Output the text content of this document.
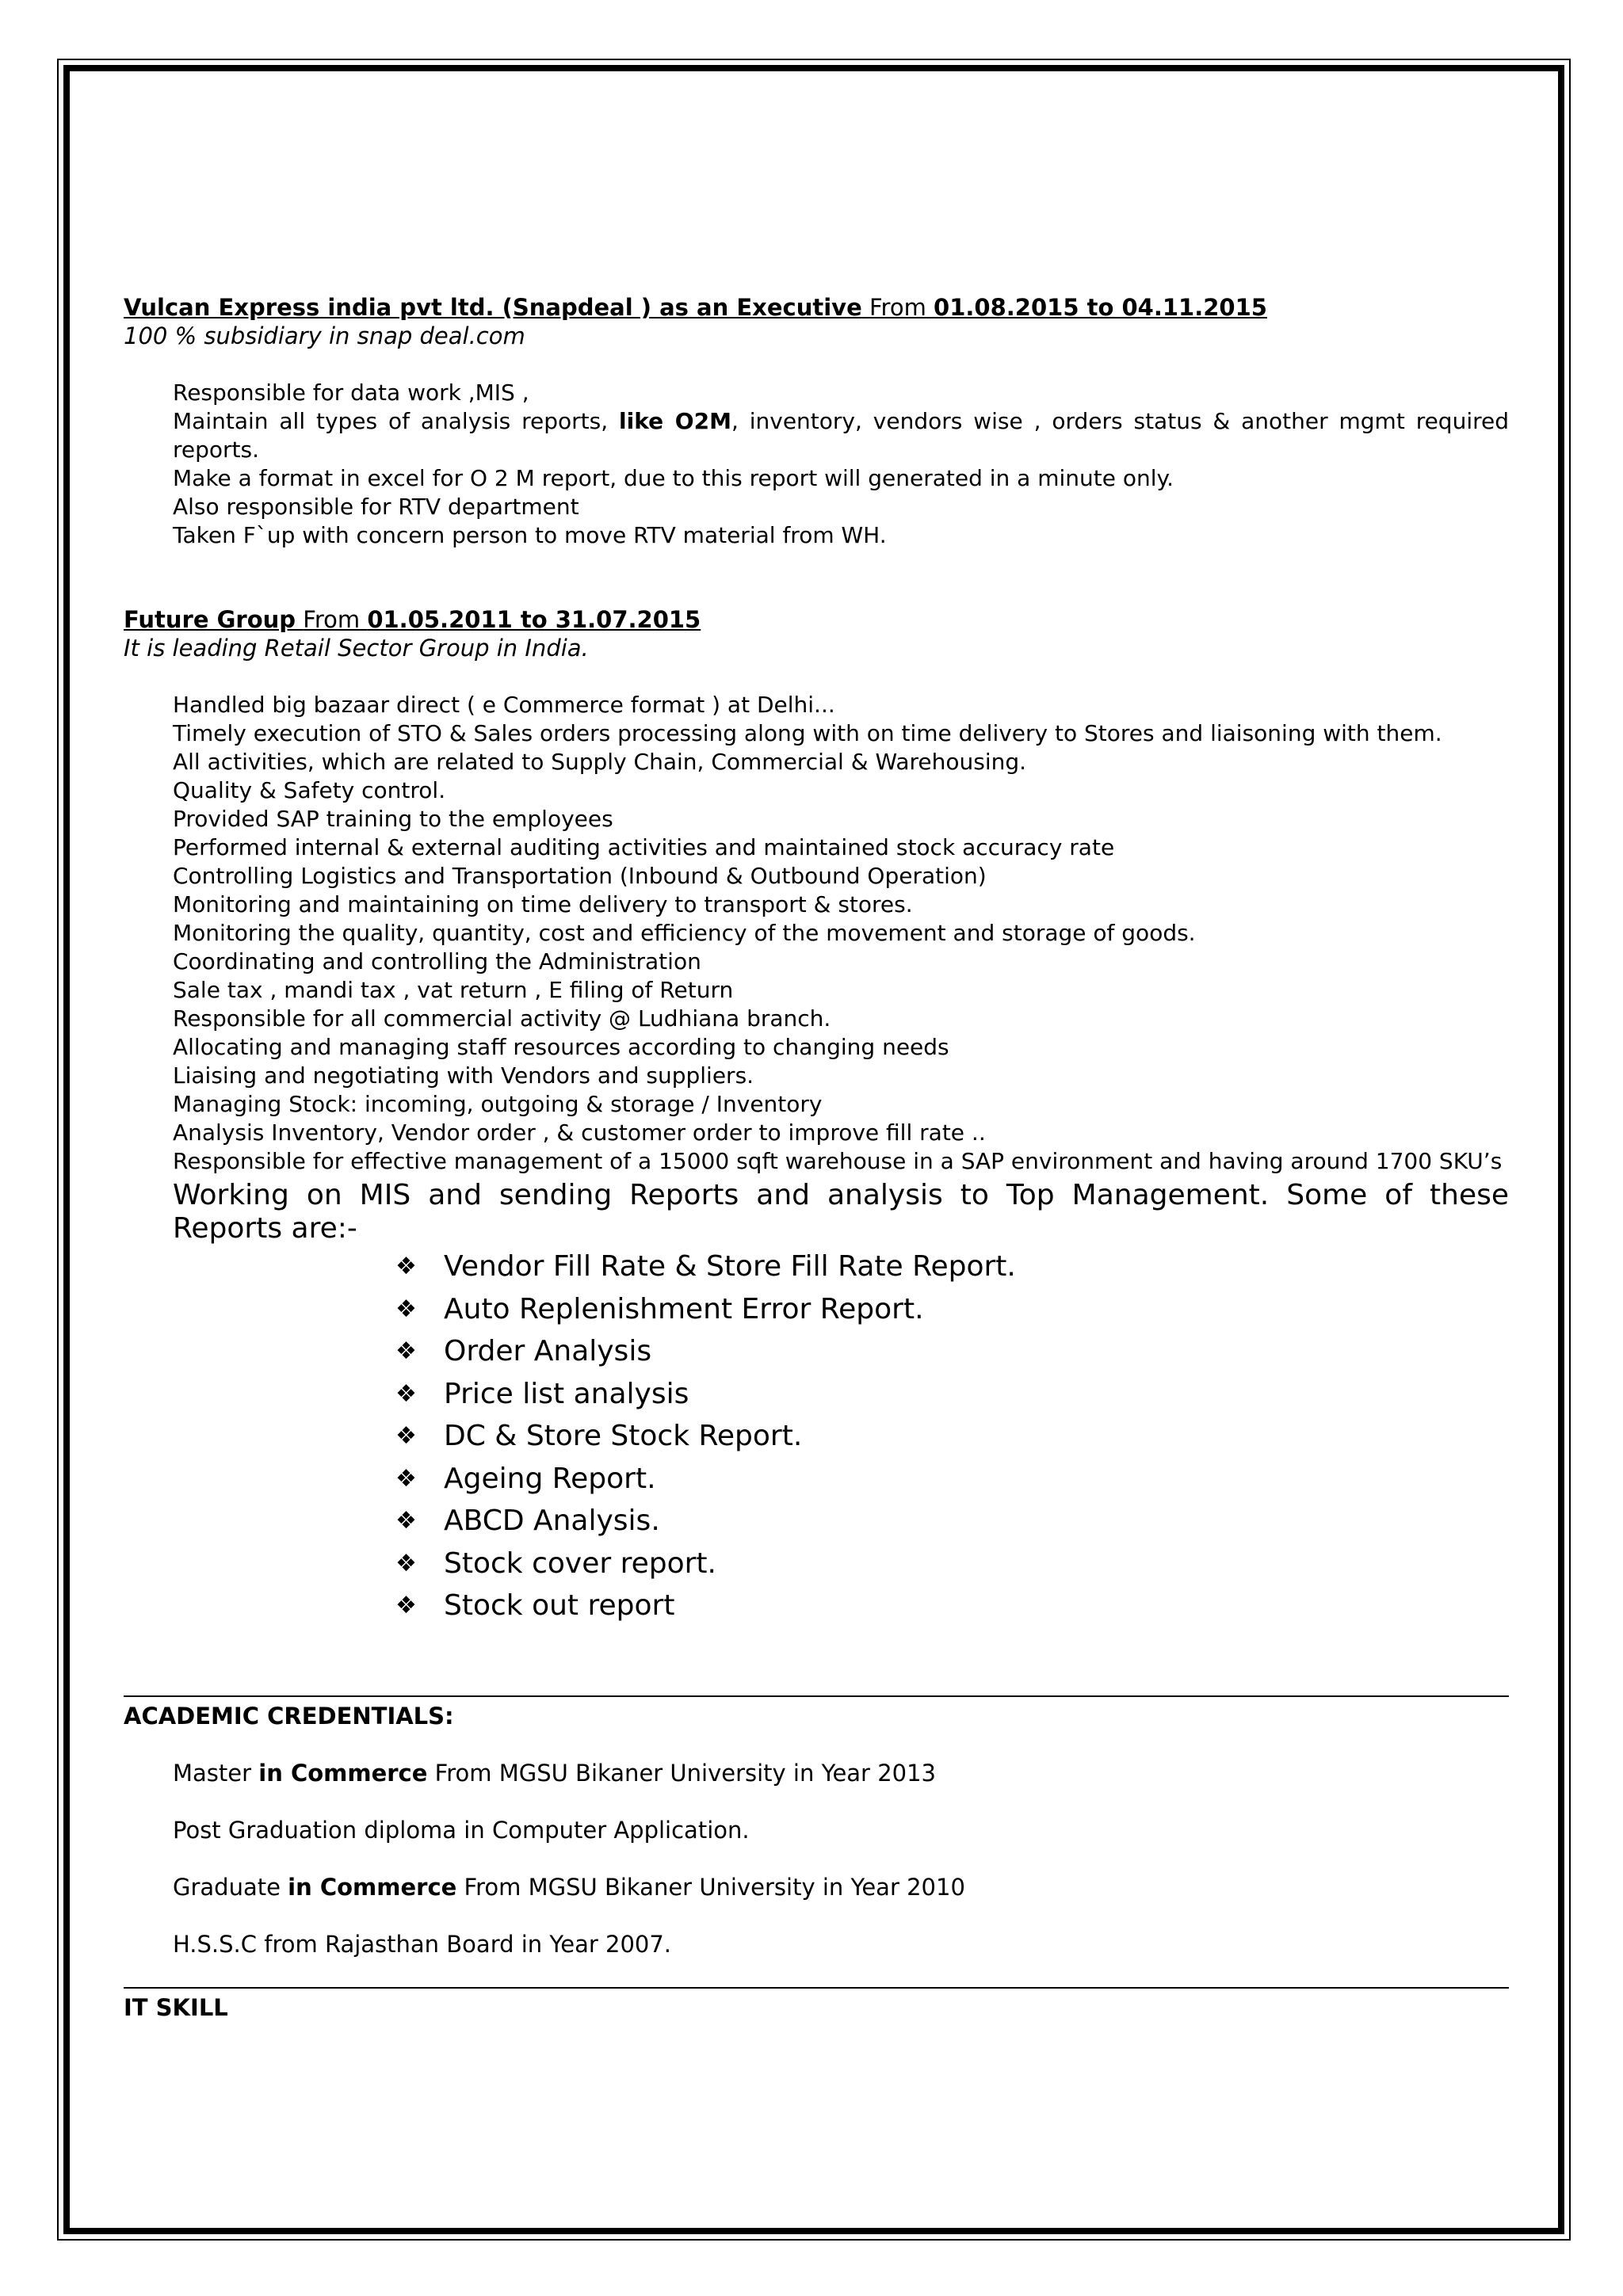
Vulcan Express india pvt ltd. (Snapdeal ) as an Executive From 01.08.2015 to 04.11.2015
100 % subsidiary in snap deal.com
Responsible for data work ,MIS ,
Maintain all types of analysis reports, like O2M, inventory, vendors wise , orders status & another mgmt required reports.
Make a format in excel for O 2 M report, due to this report will generated in a minute only.
Also responsible for RTV department
Taken F`up with concern person to move RTV material from WH.
Future Group From 01.05.2011 to 31.07.2015
It is leading Retail Sector Group in India.
Handled big bazaar direct ( e Commerce format ) at Delhi...
Timely execution of STO & Sales orders processing along with on time delivery to Stores and liaisoning with them.
All activities, which are related to Supply Chain, Commercial & Warehousing.
Quality & Safety control.
Provided SAP training to the employees
Performed internal & external auditing activities and maintained stock accuracy rate
Controlling Logistics and Transportation (Inbound & Outbound Operation)
Monitoring and maintaining on time delivery to transport & stores.
Monitoring the quality, quantity, cost and efficiency of the movement and storage of goods.
Coordinating and controlling the Administration
Sale tax , mandi tax , vat return , E filing of Return
Responsible for all commercial activity @ Ludhiana branch.
Allocating and managing staff resources according to changing needs
Liaising and negotiating with Vendors and suppliers.
Managing Stock: incoming, outgoing & storage / Inventory
Analysis Inventory, Vendor order , & customer order to improve fill rate ..
Responsible for effective management of a 15000 sqft warehouse in a SAP environment and having around 1700 SKU’s
Working on MIS and sending Reports and analysis to Top Management. Some of these Reports are:-
❖ Vendor Fill Rate & Store Fill Rate Report.
❖ Auto Replenishment Error Report.
❖ Order Analysis
❖ Price list analysis
❖ DC & Store Stock Report.
❖ Ageing Report.
❖ ABCD Analysis.
❖ Stock cover report.
❖ Stock out report
ACADEMIC CREDENTIALS:
Master in Commerce From MGSU Bikaner University in Year 2013
Post Graduation diploma in Computer Application.
Graduate in Commerce From MGSU Bikaner University in Year 2010
H.S.S.C from Rajasthan Board in Year 2007.
IT SKILL
